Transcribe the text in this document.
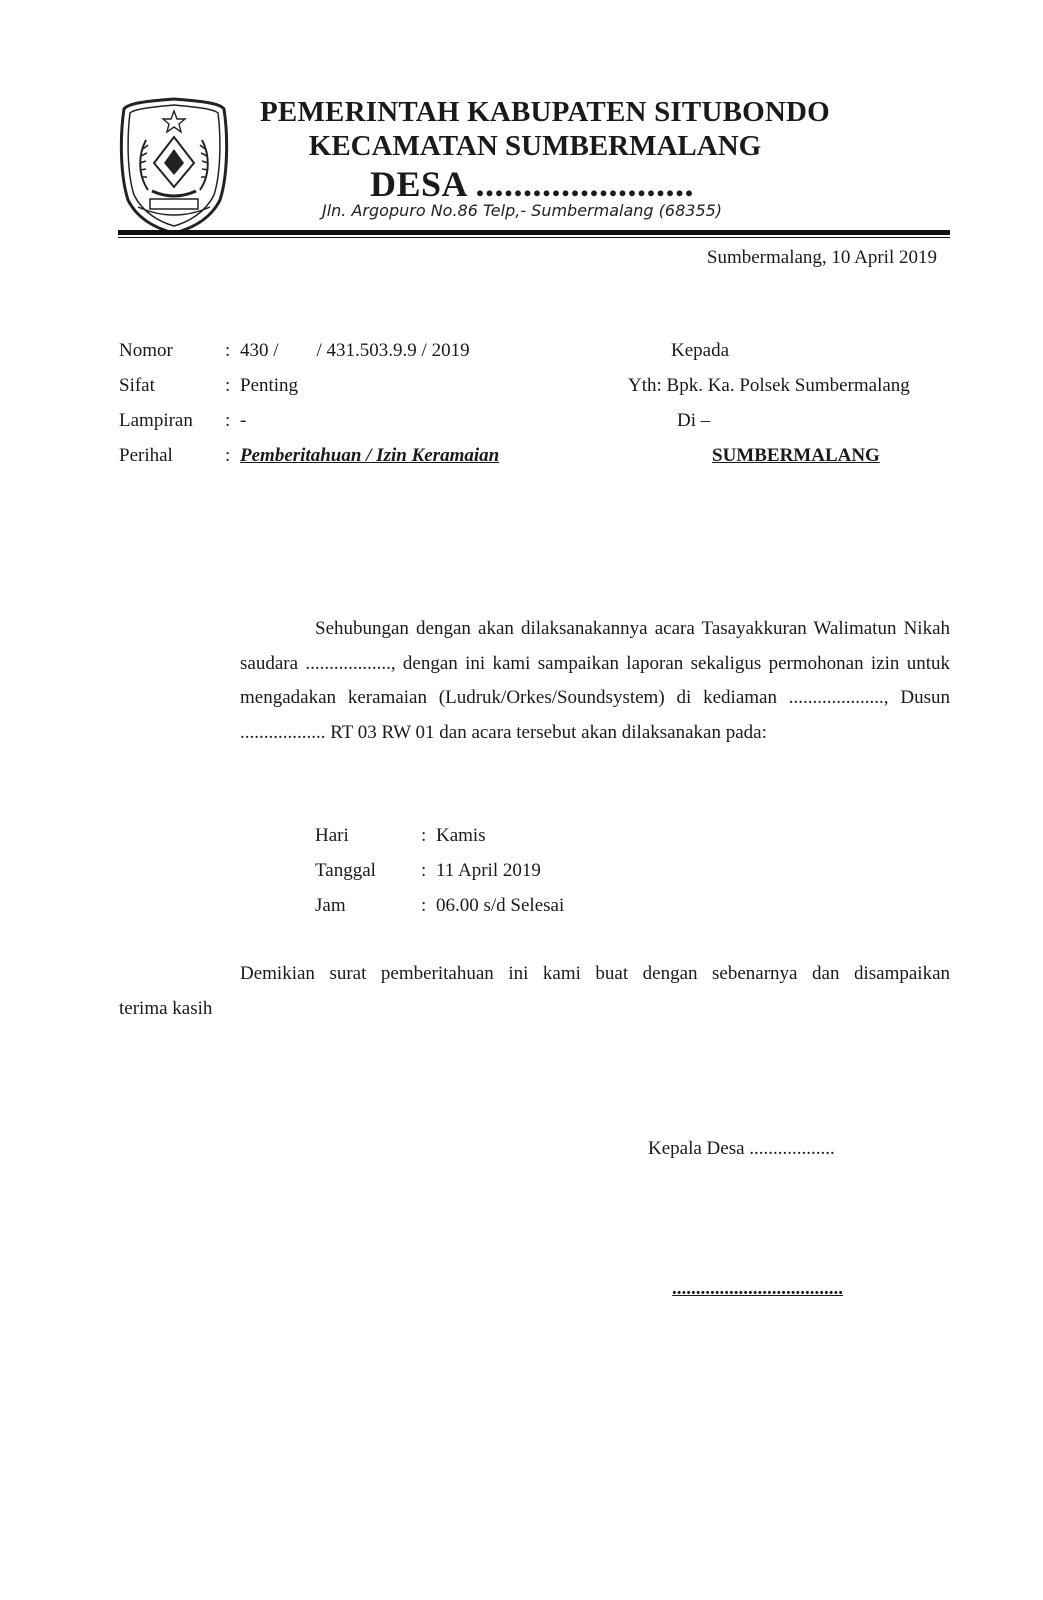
PEMERINTAH KABUPATEN SITUBONDO
KECAMATAN SUMBERMALANG
DESA .......................
Jln. Argopuro No.86 Telp,- Sumbermalang (68355)
Sumbermalang, 10 April 2019
Nomor	: 430 /        / 431.503.9.9 / 2019
Sifat	: Penting
Lampiran : -
Perihal	: Pemberitahuan / Izin Keramaian
Kepada
Yth: Bpk. Ka. Polsek Sumbermalang
Di –
SUMBERMALANG

Sehubungan dengan akan dilaksanakannya acara Tasayakkuran Walimatun Nikah saudara .................., dengan ini kami sampaikan laporan sekaligus permohonan izin untuk mengadakan keramaian (Ludruk/Orkes/Soundsystem) di kediaman ...................., Dusun .................. RT 03 RW 01 dan acara tersebut akan dilaksanakan pada:

Hari	: Kamis
Tanggal : 11 April 2019
Jam	: 06.00 s/d Selesai
Demikian surat pemberitahuan ini kami buat dengan sebenarnya dan disampaikan
terima kasih
Kepala Desa ..................
....................................
